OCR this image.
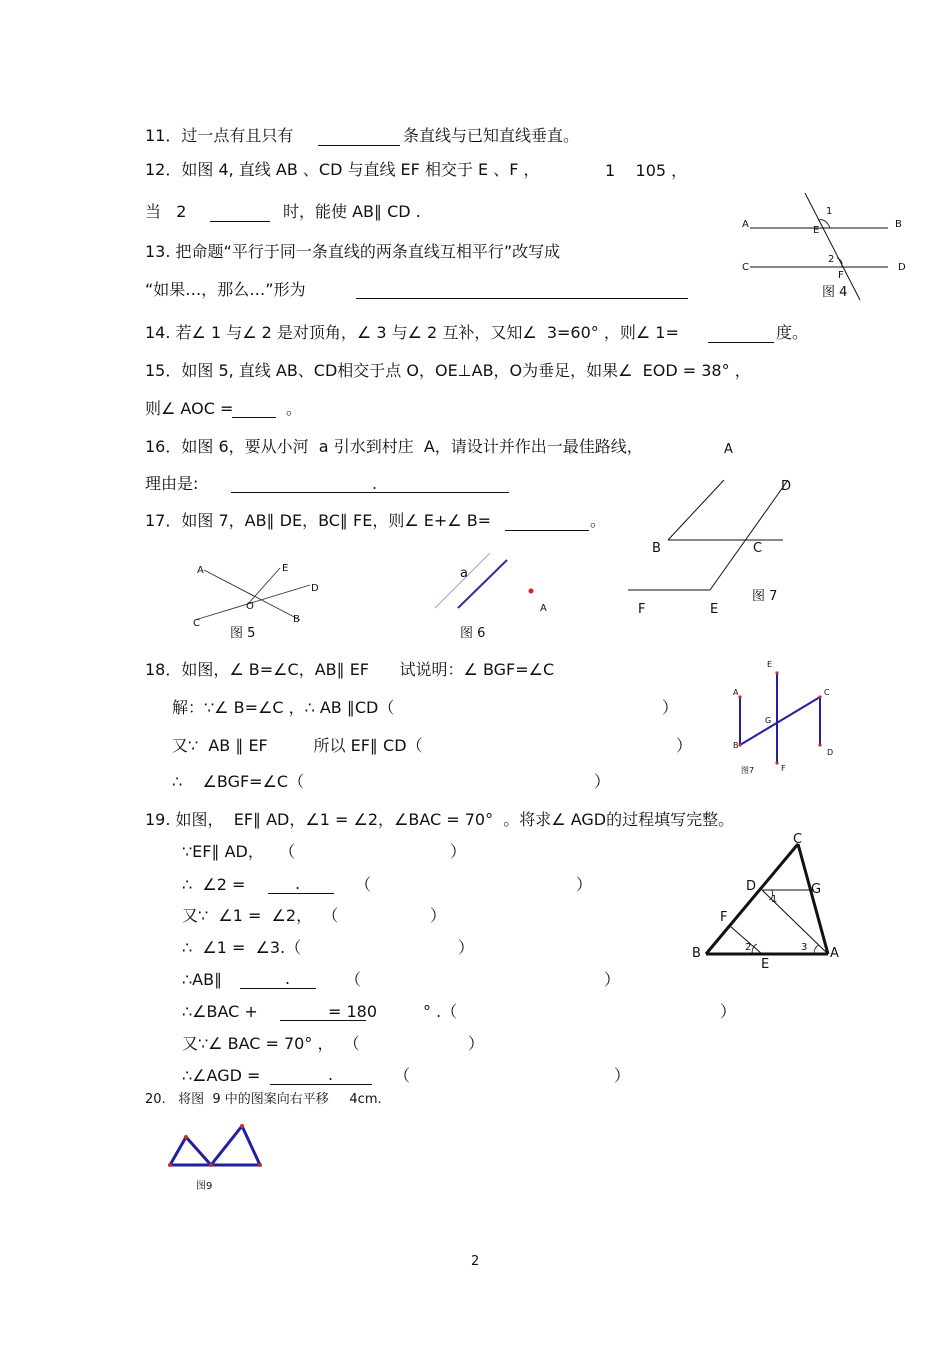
11．过一点有且只有	条直线与已知直线垂直。
12．如图 4, 直线 AB 、CD 与直线 EF 相交于 E 、F ，	1    105 ，
当   2	时，能使 AB∥ CD .
A	B
C	D
E
F
1
2
图 4
13. 把命题“平行于同一条直线的两条直线互相平行”改写成
“如果…，那么…”形为
14. 若∠ 1 与∠ 2 是对顶角，∠ 3 与∠ 2 互补，又知∠  3=60° ，则∠ 1=	度。
15．如图 5, 直线 AB、CD相交于点 O，OE⊥AB，O为垂足，如果∠  EOD = 38° ，
则∠ AOC =	。
16．如图 6，要从小河  a 引水到村庄  A，请设计并作出一最佳路线，
理由是:	.
17．如图 7，AB∥ DE，BC∥ FE，则∠ E+∠ B=	。
A
D
B	C
F	E
图 7
A	E
D
C
O
B
图 5
a
A
图 6
18．如图，∠ B=∠C，AB∥ EF      试说明：∠ BGF=∠C
解：∵∠ B=∠C ，∴ AB ∥CD（	）
又∵  AB ∥ EF         所以 EF∥ CD（	）
∴    ∠BGF=∠C（	）
E
A	C
G
B
D
F
图7
19. 如图，  EF∥ AD，∠1 = ∠2，∠BAC = 70°  。将求∠ AGD的过程填写完整。
∵EF∥ AD，   （	）
∴  ∠2 =	.	（	）
又∵  ∠1 =  ∠2，  （	）
∴  ∠1 =  ∠3.（	）
∴AB∥	.	（	）
∴∠BAC +	= 180	° .（	）
又∵∠ BAC = 70° ，  （	）
∴∠AGD =	.	（	）
C
D	G
F
B
E
A
1
2	3
20.   将图  9 中的图案向右平移     4cm.
图9
2
